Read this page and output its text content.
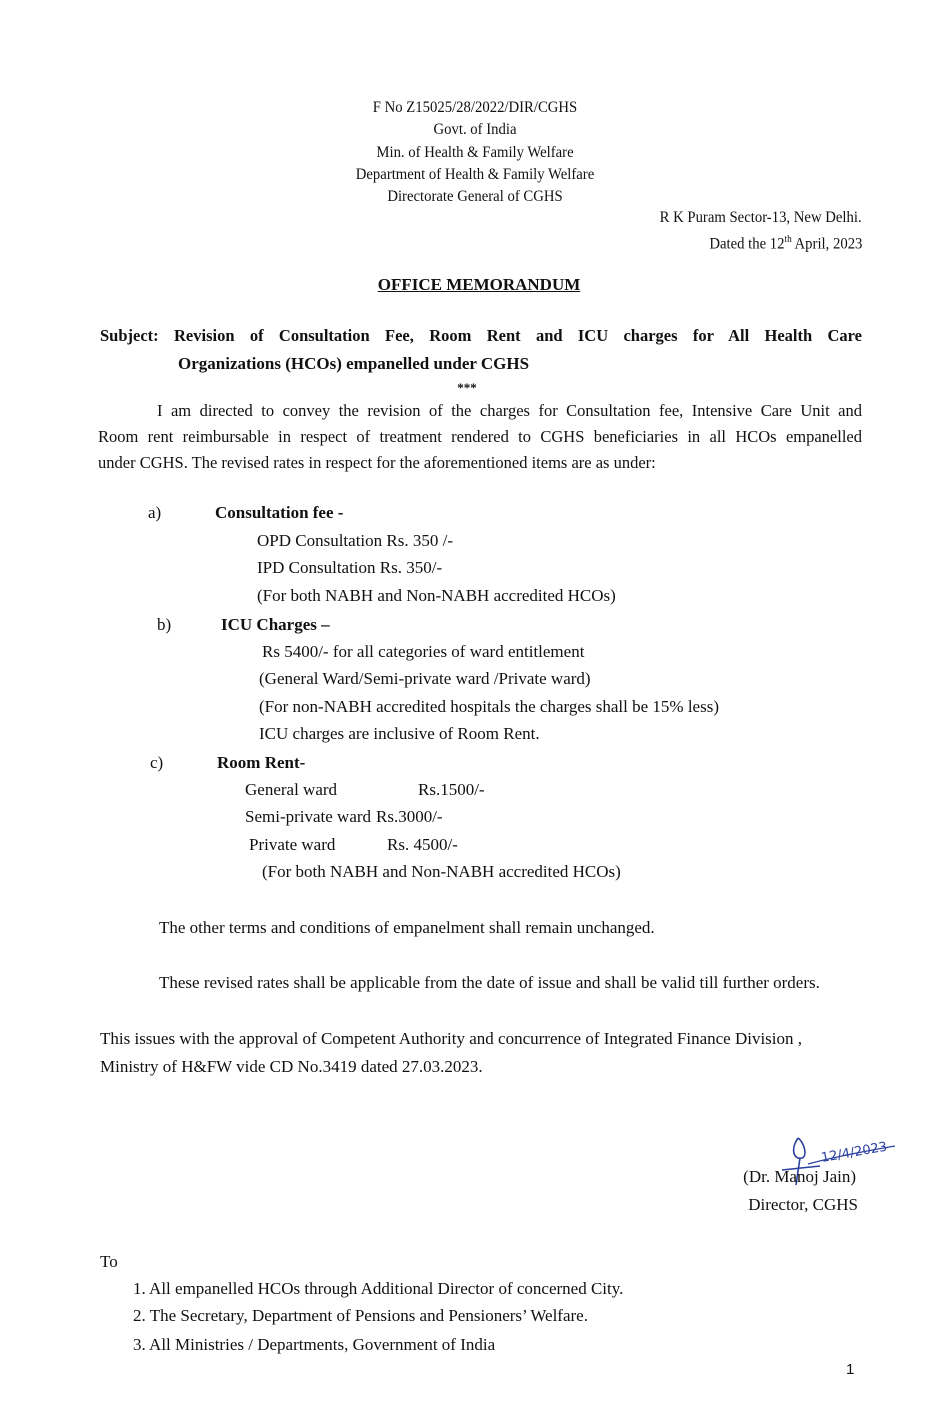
F No Z15025/28/2022/DIR/CGHS
Govt. of India
Min. of Health & Family Welfare
Department of Health & Family Welfare
Directorate General of CGHS
R K Puram Sector-13, New Delhi.
Dated the 12th April, 2023
OFFICE MEMORANDUM
Subject: Revision of Consultation Fee, Room Rent and ICU charges for All Health Care
Organizations (HCOs) empanelled under CGHS
***
I am directed to convey the revision of the charges for Consultation fee, Intensive Care Unit and
Room rent reimbursable in respect of treatment rendered to CGHS beneficiaries in all HCOs empanelled
under CGHS. The revised rates in respect for the aforementioned items are as under:
a)	Consultation fee -
OPD Consultation Rs. 350 /-
IPD Consultation Rs. 350/-
(For both NABH and Non-NABH accredited HCOs)
b)	ICU Charges –
Rs 5400/- for all categories of ward entitlement
(General Ward/Semi-private ward /Private ward)
(For non-NABH accredited hospitals the charges shall be 15% less)
ICU charges are inclusive of Room Rent.
c)	Room Rent-
General ward	Rs.1500/-
Semi-private ward Rs.3000/-
Private ward	Rs. 4500/-
(For both NABH and Non-NABH accredited HCOs)
The other terms and conditions of empanelment shall remain unchanged.
These revised rates shall be applicable from the date of issue and shall be valid till further orders.
This issues with the approval of Competent Authority and concurrence of Integrated Finance Division ,
Ministry of H&FW vide CD No.3419 dated 27.03.2023.
12/4/2023
(Dr. Manoj Jain)
Director, CGHS
To
1. All empanelled HCOs through Additional Director of concerned City.
2. The Secretary, Department of Pensions and Pensioners’ Welfare.
3. All Ministries / Departments, Government of India
1
